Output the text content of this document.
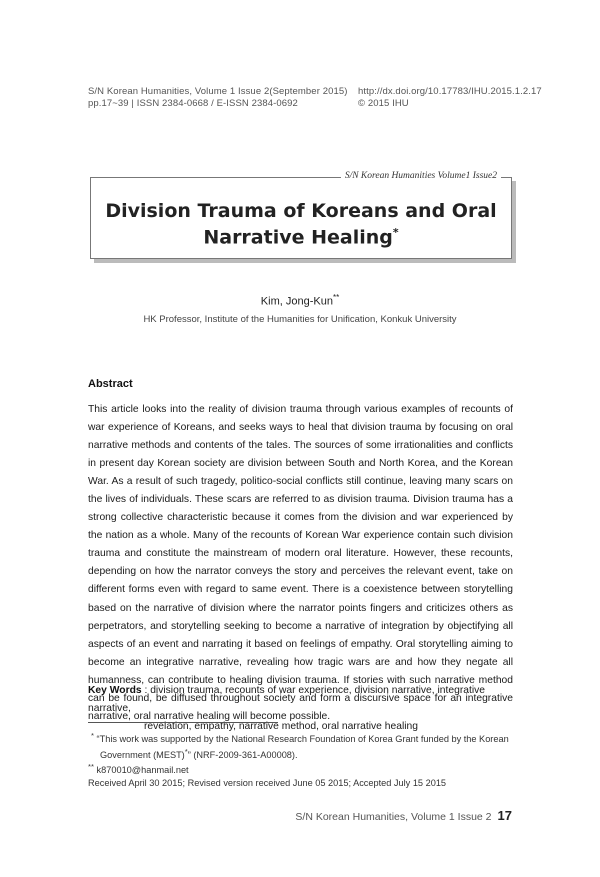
S/N Korean Humanities, Volume 1 Issue 2(September 2015)
pp.17~39 | ISSN 2384-0668 / E-ISSN 2384-0692
http://dx.doi.org/10.17783/IHU.2015.1.2.17
© 2015 IHU
S/N Korean Humanities Volume1 Issue2
Division Trauma of Koreans and Oral
Narrative Healing*
Kim, Jong-Kun**
HK Professor, Institute of the Humanities for Unification, Konkuk University
Abstract
This article looks into the reality of division trauma through various examples of recounts of war experience of Koreans, and seeks ways to heal that division trauma by focusing on oral narrative methods and contents of the tales. The sources of some irrationalities and conflicts in present day Korean society are division between South and North Korea, and the Korean War. As a result of such tragedy, politico-social conflicts still continue, leaving many scars on the lives of individuals. These scars are referred to as division trauma. Division trauma has a strong collective characteristic because it comes from the division and war experienced by the nation as a whole. Many of the recounts of Korean War experience contain such division trauma and constitute the mainstream of modern oral literature. However, these recounts, depending on how the narrator conveys the story and perceives the relevant event, take on different forms even with regard to same event. There is a coexistence between storytelling based on the narrative of division where the narrator points fingers and criticizes others as perpetrators, and storytelling seeking to become a narrative of integration by objectifying all aspects of an event and narrating it based on feelings of empathy. Oral storytelling aiming to become an integrative narrative, revealing how tragic wars are and how they negate all humanness, can contribute to healing division trauma. If stories with such narrative method can be found, be diffused throughout society and form a discursive space for an integrative narrative, oral narrative healing will become possible.
Key Words : division trauma, recounts of war experience, division narrative, integrative narrative,
revelation, empathy, narrative method, oral narrative healing
* “This work was supported by the National Research Foundation of Korea Grant funded by the Korean
Government (MEST)*” (NRF-2009-361-A00008).
** k870010@hanmail.net
Received April 30 2015; Revised version received June 05 2015; Accepted July 15 2015
S/N Korean Humanities, Volume 1 Issue 2 17
